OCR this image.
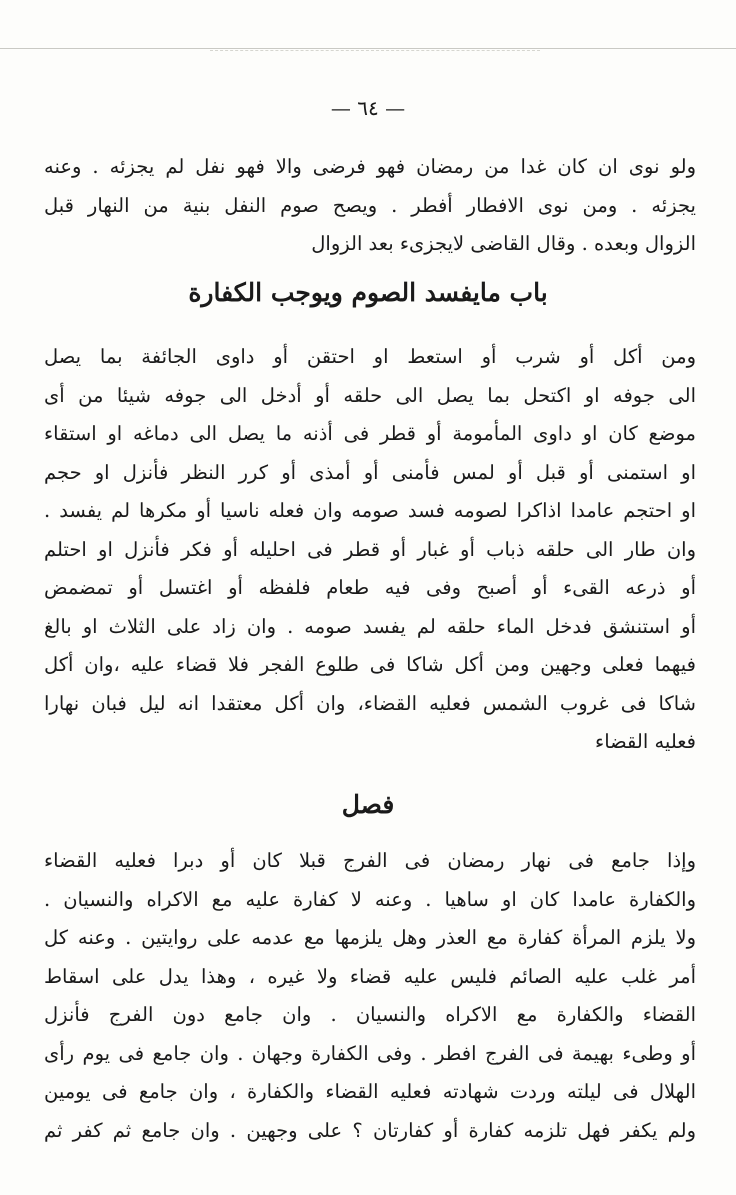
— ٦٤ —
ولو نوى ان كان غدا من رمضان فهو فرضى والا فهو نفل لم يجزئه . وعنه
يجزئه . ومن نوى الافطار أفطر . ويصح صوم النفل بنية من النهار قبل
الزوال وبعده . وقال القاضى لايجزىء بعد الزوال
باب مايفسد الصوم ويوجب الكفارة
ومن أكل أو شرب أو استعط او احتقن أو داوى الجائفة بما يصل
الى جوفه او اكتحل بما يصل الى حلقه أو أدخل الى جوفه شيئا من أى
موضع كان او داوى المأمومة أو قطر فى أذنه ما يصل الى دماغه او استقاء
او استمنى أو قبل أو لمس فأمنى أو أمذى أو كرر النظر فأنزل او حجم
او احتجم عامدا اذاكرا لصومه فسد صومه وان فعله ناسيا أو مكرها لم يفسد .
وان طار الى حلقه ذباب أو غبار أو قطر فى احليله أو فكر فأنزل او احتلم
أو ذرعه القىء أو أصبح وفى فيه طعام فلفظه أو اغتسل أو تمضمض
أو استنشق فدخل الماء حلقه لم يفسد صومه . وان زاد على الثلاث او بالغ
فيهما فعلى وجهين ومن أكل شاكا فى طلوع الفجر فلا قضاء عليه ،وان أكل
شاكا فى غروب الشمس فعليه القضاء، وان أكل معتقدا انه ليل فبان نهارا
فعليه القضاء
فصل
وإذا جامع فى نهار رمضان فى الفرج قبلا كان أو دبرا فعليه القضاء
والكفارة عامدا كان او ساهيا . وعنه لا كفارة عليه مع الاكراه والنسيان .
ولا يلزم المرأة كفارة مع العذر وهل يلزمها مع عدمه على روايتين . وعنه كل
أمر غلب عليه الصائم فليس عليه قضاء ولا غيره ، وهذا يدل على اسقاط
القضاء والكفارة مع الاكراه والنسيان . وان جامع دون الفرج فأنزل
أو وطىء بهيمة فى الفرج افطر . وفى الكفارة وجهان . وان جامع فى يوم رأى
الهلال فى ليلته وردت شهادته فعليه القضاء والكفارة ، وان جامع فى يومين
ولم يكفر فهل تلزمه كفارة أو كفارتان ؟ على وجهين . وان جامع ثم كفر ثم
